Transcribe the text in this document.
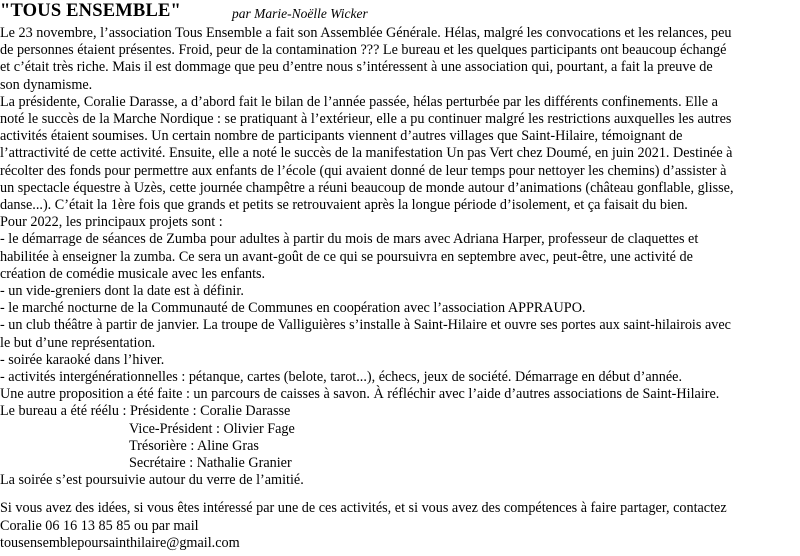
"TOUS ENSEMBLE"	par Marie-Noëlle Wicker

Le 23 novembre, l’association Tous Ensemble a fait son Assemblée Générale. Hélas, malgré les convocations et les relances, peu

de personnes étaient présentes. Froid, peur de la contamination ??? Le bureau et les quelques participants ont beaucoup échangé

et c’était très riche. Mais il est dommage que peu d’entre nous s’intéressent à une association qui, pourtant, a fait la preuve de

son dynamisme.

La présidente, Coralie Darasse, a d’abord fait le bilan de l’année passée, hélas perturbée par les différents confinements. Elle a

noté le succès de la Marche Nordique : se pratiquant à l’extérieur, elle a pu continuer malgré les restrictions auxquelles les autres

activités étaient soumises. Un certain nombre de participants viennent d’autres villages que Saint-Hilaire, témoignant de

l’attractivité de cette activité. Ensuite, elle a noté le succès de la manifestation Un pas Vert chez Doumé, en juin 2021. Destinée à

récolter des fonds pour permettre aux enfants de l’école (qui avaient donné de leur temps pour nettoyer les chemins) d’assister à

un spectacle équestre à Uzès, cette journée champêtre a réuni beaucoup de monde autour d’animations (château gonflable, glisse,

danse...). C’était la 1ère fois que grands et petits se retrouvaient après la longue période d’isolement, et ça faisait du bien.

Pour 2022, les principaux projets sont :

- le démarrage de séances de Zumba pour adultes à partir du mois de mars avec Adriana Harper, professeur de claquettes et

habilitée à enseigner la zumba. Ce sera un avant-goût de ce qui se poursuivra en septembre avec, peut-être, une activité de

création de comédie musicale avec les enfants.

- un vide-greniers dont la date est à définir.

- le marché nocturne de la Communauté de Communes en coopération avec l’association APPRAUPO.

- un club théâtre à partir de janvier. La troupe de Valliguières s’installe à Saint-Hilaire et ouvre ses portes aux saint-hilairois avec

le but d’une représentation.

- soirée karaoké dans l’hiver.

- activités intergénérationnelles : pétanque, cartes (belote, tarot...), échecs, jeux de société. Démarrage en début d’année.

Une autre proposition a été faite : un parcours de caisses à savon. À réfléchir avec l’aide d’autres associations de Saint-Hilaire.

Le bureau a été réélu : Présidente : Coralie Darasse

Vice-Président : Olivier Fage

Trésorière : Aline Gras

Secrétaire : Nathalie Granier

La soirée s’est poursuivie autour du verre de l’amitié.

Si vous avez des idées, si vous êtes intéressé par une de ces activités, et si vous avez des compétences à faire partager, contactez

Coralie 06 16 13 85 85 ou par mail

tousensemblepoursainthilaire@gmail.com
